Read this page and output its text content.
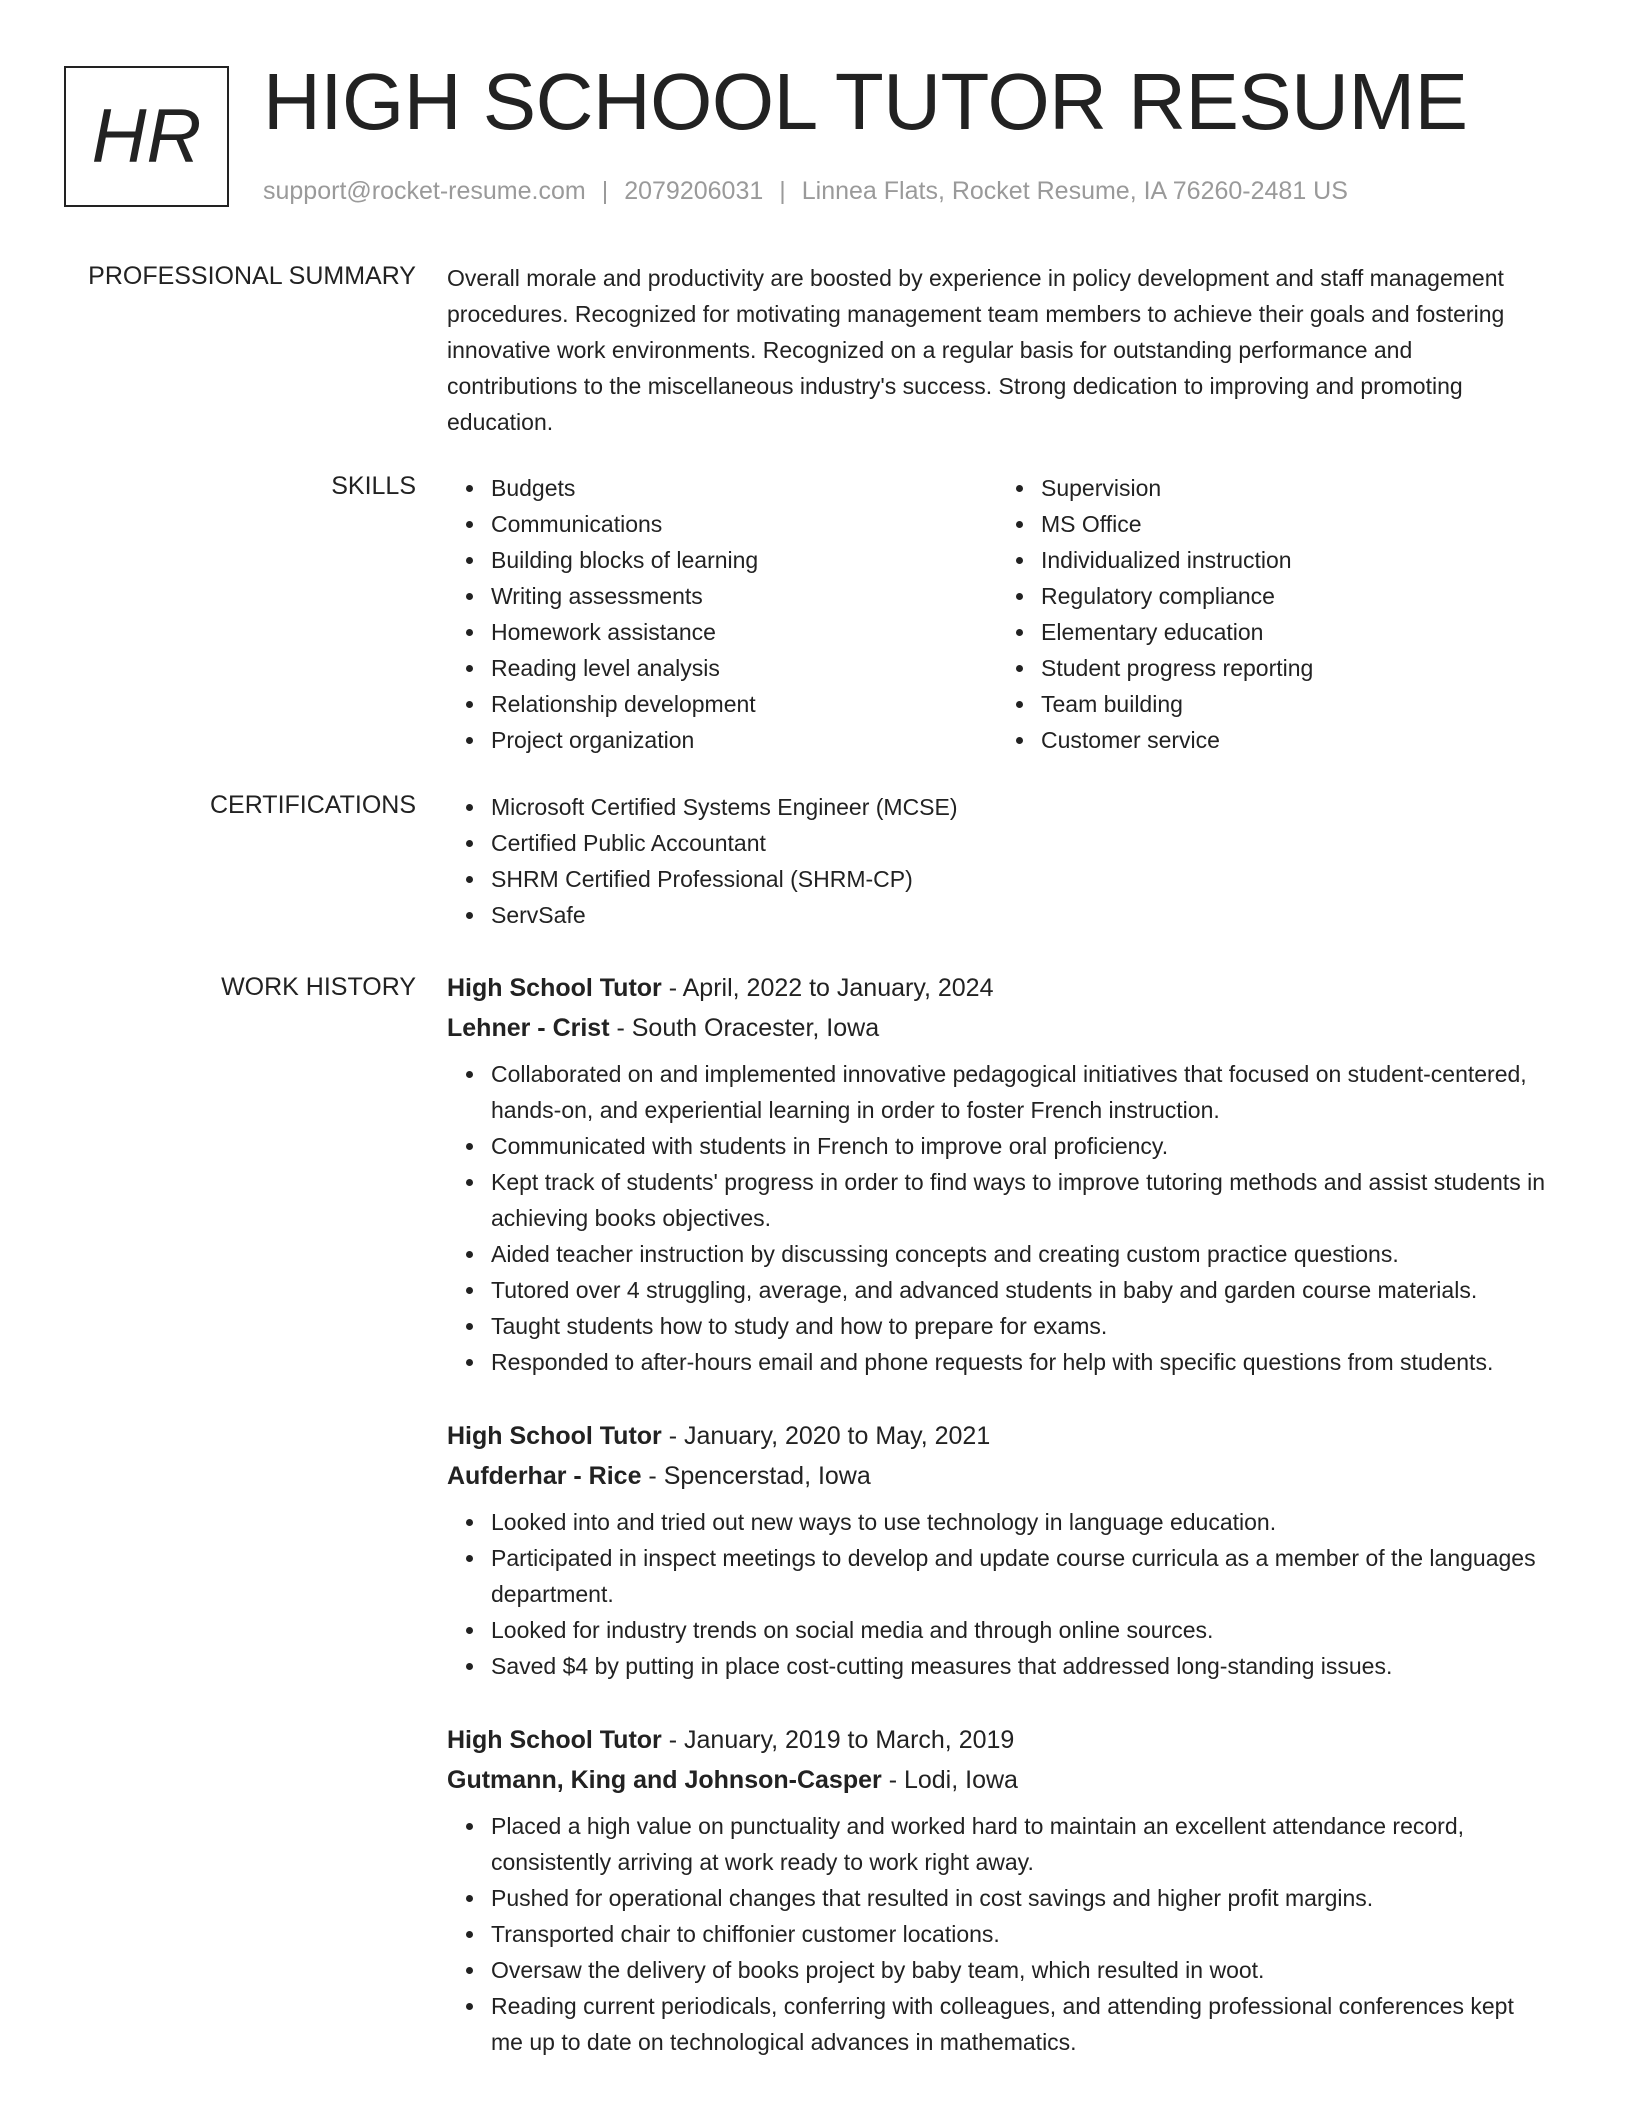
HR HIGH SCHOOL TUTOR RESUME
support@rocket-resume.com | 2079206031 | Linnea Flats, Rocket Resume, IA 76260-2481 US
PROFESSIONAL SUMMARY Overall morale and productivity are boosted by experience in policy development and staff management procedures. Recognized for motivating management team members to achieve their goals and fostering innovative work environments. Recognized on a regular basis for outstanding performance and contributions to the miscellaneous industry's success. Strong dedication to improving and promoting education.
SKILLS	Budgets
Communications
Building blocks of learning
Writing assessments
Homework assistance
Reading level analysis
Relationship development
Project organization
Supervision
MS Office
Individualized instruction
Regulatory compliance
Elementary education
Student progress reporting
Team building
Customer service
CERTIFICATIONS	Microsoft Certified Systems Engineer (MCSE)
Certified Public Accountant
SHRM Certified Professional (SHRM-CP)
ServSafe
WORK HISTORY High School Tutor - April, 2022 to January, 2024
Lehner - Crist - South Oracester, Iowa
Collaborated on and implemented innovative pedagogical initiatives that focused on student-centered, hands-on, and experiential learning in order to foster French instruction.
Communicated with students in French to improve oral proficiency.
Kept track of students' progress in order to find ways to improve tutoring methods and assist students in achieving books objectives.
Aided teacher instruction by discussing concepts and creating custom practice questions.
Tutored over 4 struggling, average, and advanced students in baby and garden course materials.
Taught students how to study and how to prepare for exams.
Responded to after-hours email and phone requests for help with specific questions from students.
High School Tutor - January, 2020 to May, 2021
Aufderhar - Rice - Spencerstad, Iowa
Looked into and tried out new ways to use technology in language education.
Participated in inspect meetings to develop and update course curricula as a member of the languages department.
Looked for industry trends on social media and through online sources.
Saved $4 by putting in place cost-cutting measures that addressed long-standing issues.
High School Tutor - January, 2019 to March, 2019
Gutmann, King and Johnson-Casper - Lodi, Iowa
Placed a high value on punctuality and worked hard to maintain an excellent attendance record, consistently arriving at work ready to work right away.
Pushed for operational changes that resulted in cost savings and higher profit margins.
Transported chair to chiffonier customer locations.
Oversaw the delivery of books project by baby team, which resulted in woot.
Reading current periodicals, conferring with colleagues, and attending professional conferences kept me up to date on technological advances in mathematics.
